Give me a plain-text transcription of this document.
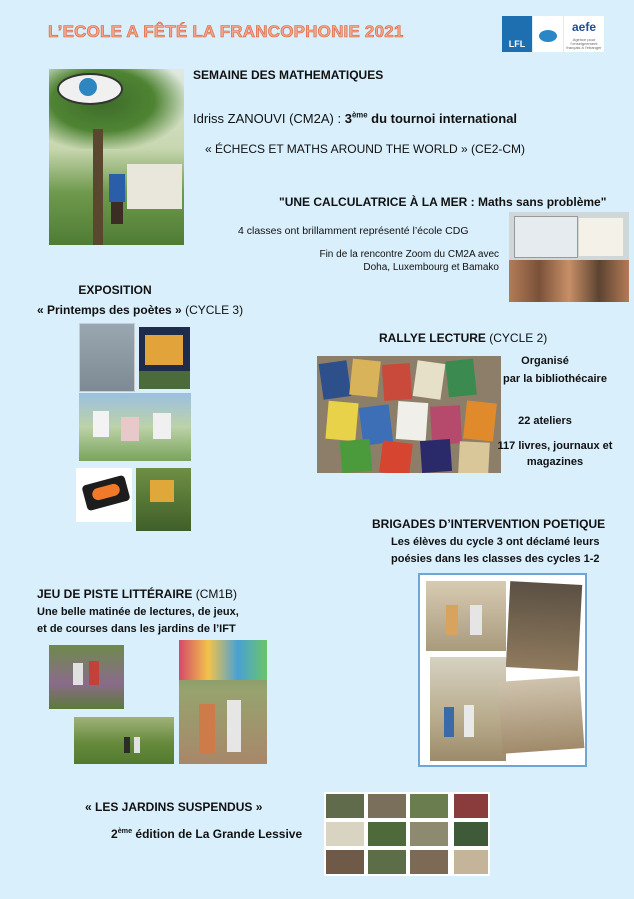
L’ECOLE A FÊTÉ LA FRANCOPHONIE 2021
LFL
aefe
Agence pour l’enseignement français à l’étranger
SEMAINE DES MATHEMATIQUES
Idriss ZANOUVI (CM2A) : 3ème du tournoi international
« ÉCHECS ET MATHS AROUND THE WORLD » (CE2-CM)
"UNE CALCULATRICE À LA MER : Maths sans problème"
4 classes ont brillamment représenté l’école CDG
Fin de la rencontre Zoom du CM2A avec
Doha, Luxembourg et Bamako
EXPOSITION
« Printemps des poètes » (CYCLE 3)
RALLYE LECTURE (CYCLE 2)
Organisé
par la bibliothécaire
22 ateliers
117 livres, journaux et
magazines
BRIGADES D’INTERVENTION POETIQUE
Les élèves du cycle 3 ont déclamé leurs
poésies dans les classes des cycles 1-2
JEU DE PISTE LITTÉRAIRE (CM1B)
Une belle matinée de lectures, de jeux,
et de courses dans les jardins de l’IFT
« LES JARDINS SUSPENDUS »
2ème édition de La Grande Lessive
